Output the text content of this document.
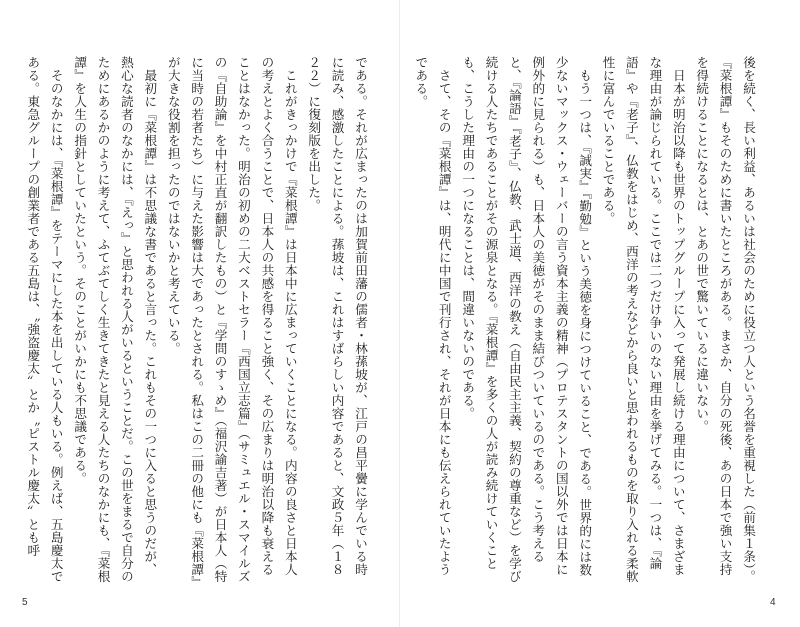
後を続く、長い利益、あるいは社会のために役立つ人という名誉を重視した（前集１条）。『菜根譚』もそのために書いたところがある。まさか、自分の死後、あの日本で強い支持を得続けることになるとは、とあの世で驚いているに違いない。

日本が明治以降も世界のトップグループに入って発展し続ける理由について、さまざまな理由が論じられている。ここでは二つだけ争いのない理由を挙げてみる。一つは、『論語』や『老子』、仏教をはじめ、西洋の考えなどから良いと思われるものを取り入れる柔軟性に富んでいることである。

もう一つは、『誠実』『勤勉』という美徳を身につけていること、である。世界的には数少ないマックス・ウェーバーの言う資本主義の精神（プロテスタントの国以外では日本に例外的に見られる）も、日本人の美徳がそのまま結びついているのである。こう考えると、『論語』『老子』、仏教、武士道、西洋の教え（自由民主主義、契約の尊重など）を学び続ける人たちであることがその源泉となる。『菜根譚』を多くの人が読み続けていくことも、こうした理由の一つになることは、間違いないのである。

さて、その『菜根譚』は、明代に中国で刊行され、それが日本にも伝えられていたようである。

である。それが広まったのは加賀前田藩の儒者・林蓀坡が、江戸の昌平黌に学んでいる時に読み、感激したことによる。蓀坡は、これはすばらしい内容であると、文政５年（１８２２）に復刻版を出した。

これがきっかけで『菜根譚』は日本中に広まっていくことになる。内容の良さと日本人の考えとよく合うことで、日本人の共感を得ること強く、その広まりは明治以降も衰えることはなかった。明治の初めの二大ベストセラー『西国立志篇』（サミュエル・スマイルズの『自助論』を中村正直が翻訳したもの）と『学問のすゝめ』（福沢諭吉著）が日本人（特に当時の若者たち）に与えた影響は大であったとされる。私はこの二冊の他にも『菜根譚』が大きな役割を担ったのではないかと考えている。

最初に『菜根譚』は不思議な書であると言った。これもその一つに入ると思うのだが、熱心な読者のなかには、『えっ』と思われる人がいるということだ。この世をまるで自分のためにあるかのように考えて、ふてぶてしく生きてきたと見える人たちのなかにも、『菜根譚』を人生の指針としていたという。そのことがいかにも不思議である。

そのなかには、『菜根譚』をテーマにした本を出している人もいる。例えば、五島慶太である。東急グループの創業者である五島は、〝強盗慶太〟とか〝ピストル慶太〟とも呼

4
5
